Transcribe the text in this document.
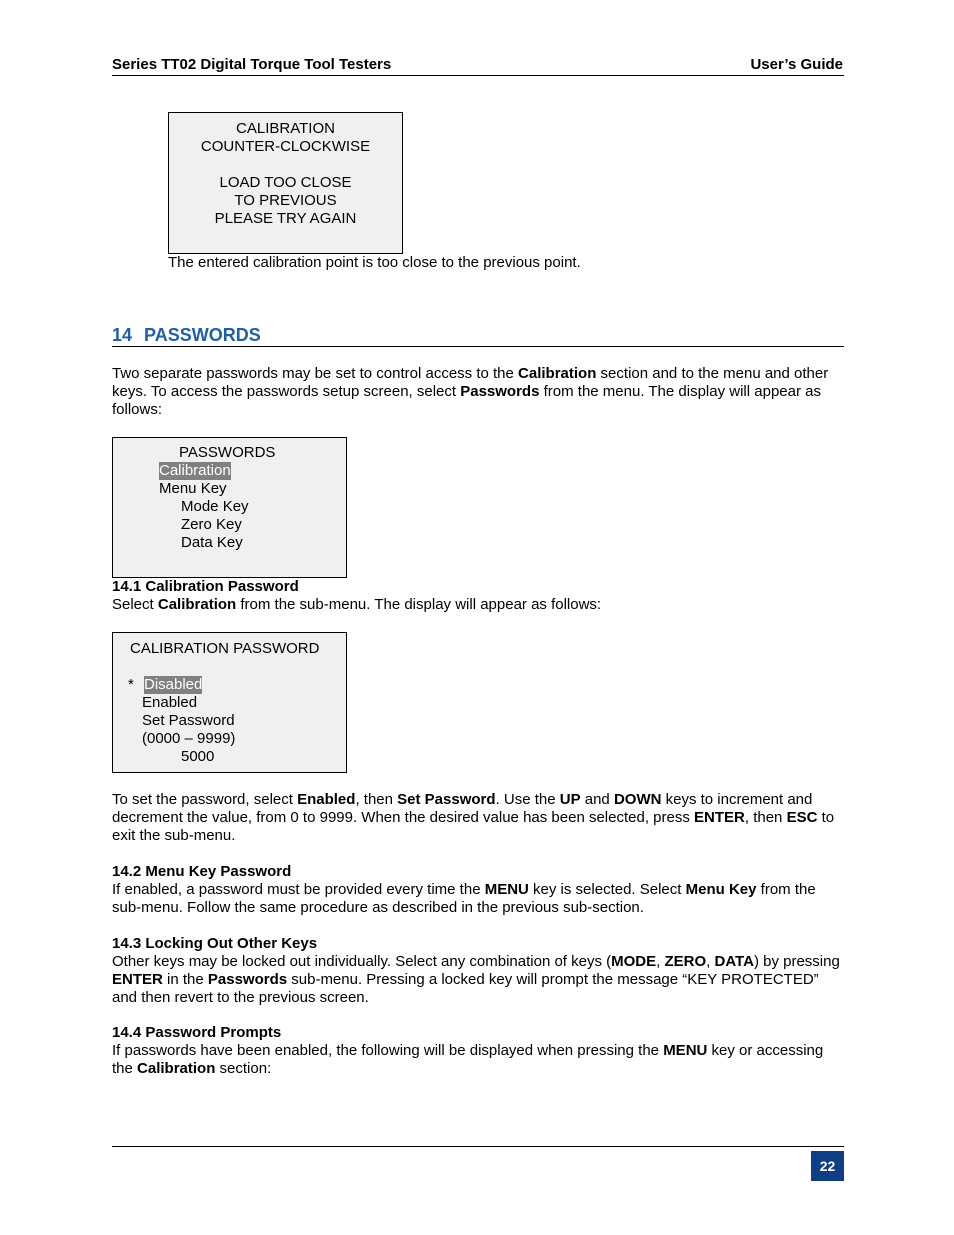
Series TT02 Digital Torque Tool Testers	User’s Guide
CALIBRATION
COUNTER-CLOCKWISE
LOAD TOO CLOSE
TO PREVIOUS
PLEASE TRY AGAIN
The entered calibration point is too close to the previous point.
14 PASSWORDS
Two separate passwords may be set to control access to the Calibration section and to the menu and other keys. To access the passwords setup screen, select Passwords from the menu. The display will appear as follows:
PASSWORDS
Calibration
Menu Key
Mode Key
Zero Key
Data Key
14.1 Calibration Password
Select Calibration from the sub-menu. The display will appear as follows:
CALIBRATION PASSWORD
* Disabled
Enabled
Set Password
(0000 – 9999)
5000
To set the password, select Enabled, then Set Password. Use the UP and DOWN keys to increment and decrement the value, from 0 to 9999. When the desired value has been selected, press ENTER, then ESC to exit the sub-menu.
14.2 Menu Key Password
If enabled, a password must be provided every time the MENU key is selected. Select Menu Key from the sub-menu. Follow the same procedure as described in the previous sub-section.
14.3 Locking Out Other Keys
Other keys may be locked out individually. Select any combination of keys (MODE, ZERO, DATA) by pressing ENTER in the Passwords sub-menu. Pressing a locked key will prompt the message “KEY PROTECTED” and then revert to the previous screen.
14.4 Password Prompts
If passwords have been enabled, the following will be displayed when pressing the MENU key or accessing the Calibration section:
22
